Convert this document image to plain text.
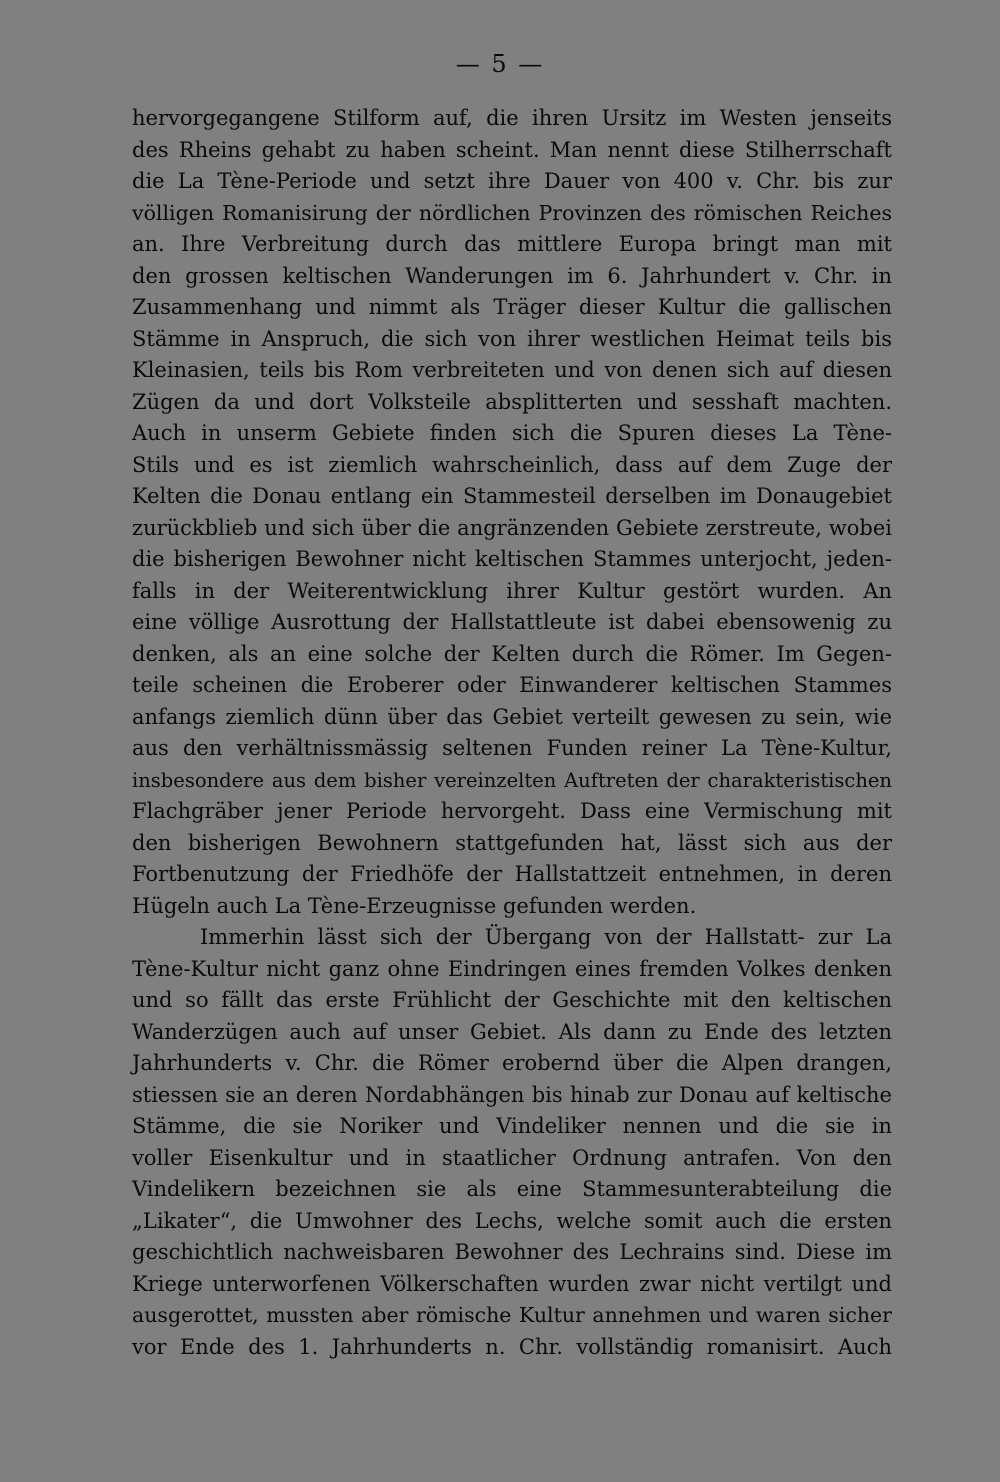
— 5 —
hervorgegangene Stilform auf, die ihren Ursitz im Westen jenseits
des Rheins gehabt zu haben scheint. Man nennt diese Stilherrschaft
die La Tène-Periode und setzt ihre Dauer von 400 v. Chr. bis zur
völligen Romanisirung der nördlichen Provinzen des römischen Reiches
an. Ihre Verbreitung durch das mittlere Europa bringt man mit
den grossen keltischen Wanderungen im 6. Jahrhundert v. Chr. in
Zusammenhang und nimmt als Träger dieser Kultur die gallischen
Stämme in Anspruch, die sich von ihrer westlichen Heimat teils bis
Kleinasien, teils bis Rom verbreiteten und von denen sich auf diesen
Zügen da und dort Volksteile absplitterten und sesshaft machten.
Auch in unserm Gebiete finden sich die Spuren dieses La Tène-
Stils und es ist ziemlich wahrscheinlich, dass auf dem Zuge der
Kelten die Donau entlang ein Stammesteil derselben im Donaugebiet
zurückblieb und sich über die angränzenden Gebiete zerstreute, wobei
die bisherigen Bewohner nicht keltischen Stammes unterjocht, jeden-
falls in der Weiterentwicklung ihrer Kultur gestört wurden. An
eine völlige Ausrottung der Hallstattleute ist dabei ebensowenig zu
denken, als an eine solche der Kelten durch die Römer. Im Gegen-
teile scheinen die Eroberer oder Einwanderer keltischen Stammes
anfangs ziemlich dünn über das Gebiet verteilt gewesen zu sein, wie
aus den verhältnissmässig seltenen Funden reiner La Tène-Kultur,
insbesondere aus dem bisher vereinzelten Auftreten der charakteristischen
Flachgräber jener Periode hervorgeht. Dass eine Vermischung mit
den bisherigen Bewohnern stattgefunden hat, lässt sich aus der
Fortbenutzung der Friedhöfe der Hallstattzeit entnehmen, in deren
Hügeln auch La Tène-Erzeugnisse gefunden werden.
Immerhin lässt sich der Übergang von der Hallstatt- zur La
Tène-Kultur nicht ganz ohne Eindringen eines fremden Volkes denken
und so fällt das erste Frühlicht der Geschichte mit den keltischen
Wanderzügen auch auf unser Gebiet. Als dann zu Ende des letzten
Jahrhunderts v. Chr. die Römer erobernd über die Alpen drangen,
stiessen sie an deren Nordabhängen bis hinab zur Donau auf keltische
Stämme, die sie Noriker und Vindeliker nennen und die sie in
voller Eisenkultur und in staatlicher Ordnung antrafen. Von den
Vindelikern bezeichnen sie als eine Stammesunterabteilung die
„Likater“, die Umwohner des Lechs, welche somit auch die ersten
geschichtlich nachweisbaren Bewohner des Lechrains sind. Diese im
Kriege unterworfenen Völkerschaften wurden zwar nicht vertilgt und
ausgerottet, mussten aber römische Kultur annehmen und waren sicher
vor Ende des 1. Jahrhunderts n. Chr. vollständig romanisirt. Auch
